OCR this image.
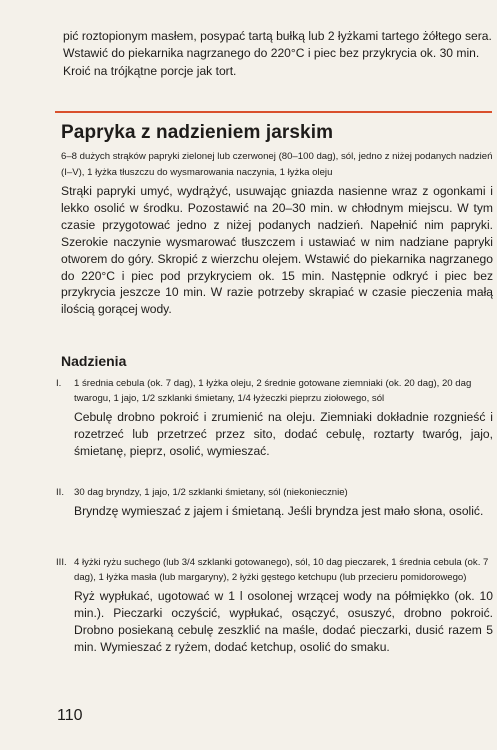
pić roztopionym masłem, posypać tartą bułką lub 2 łyżkami tartego żółtego sera. Wstawić do piekarnika nagrzanego do 220°C i piec bez przykrycia ok. 30 min. Kroić na trójkątne porcje jak tort.

Papryka z nadzieniem jarskim

6–8 dużych strąków papryki zielonej lub czerwonej (80–100 dag), sól, jedno z niżej podanych nadzień (I–V), 1 łyżka tłuszczu do wysmarowania naczynia, 1 łyżka oleju

Strąki papryki umyć, wydrążyć, usuwając gniazda nasienne wraz z ogonkami i lekko osolić w środku. Pozostawić na 20–30 min. w chłodnym miejscu. W tym czasie przygotować jedno z niżej podanych nadzień. Napełnić nim papryki. Szerokie naczynie wysmarować tłuszczem i ustawiać w nim nadziane papryki otworem do góry. Skropić z wierzchu olejem. Wstawić do piekarnika nagrzanego do 220°C i piec pod przykryciem ok. 15 min. Następnie odkryć i piec bez przykrycia jeszcze 10 min. W razie potrzeby skrapiać w czasie pieczenia małą ilością gorącej wody.

Nadzienia
I. 1 średnia cebula (ok. 7 dag), 1 łyżka oleju, 2 średnie gotowane ziemniaki (ok. 20 dag), 20 dag twarogu, 1 jajo, 1/2 szklanki śmietany, 1/4 łyżeczki pieprzu ziołowego, sól

Cebulę drobno pokroić i zrumienić na oleju. Ziemniaki dokładnie rozgnieść i rozetrzeć lub przetrzeć przez sito, dodać cebulę, roztarty twaróg, jajo, śmietanę, pieprz, osolić, wymieszać.

II. 30 dag bryndzy, 1 jajo, 1/2 szklanki śmietany, sól (niekoniecznie)

Bryndzę wymieszać z jajem i śmietaną. Jeśli bryndza jest mało słona, osolić.

III. 4 łyżki ryżu suchego (lub 3/4 szklanki gotowanego), sól, 10 dag pieczarek, 1 średnia cebula (ok. 7 dag), 1 łyżka masła (lub margaryny), 2 łyżki gęstego ketchupu (lub przecieru pomidorowego)

Ryż wypłukać, ugotować w 1 l osolonej wrzącej wody na półmiękko (ok. 10 min.). Pieczarki oczyścić, wypłukać, osączyć, osuszyć, drobno pokroić. Drobno posiekaną cebulę zeszklić na maśle, dodać pieczarki, dusić razem 5 min. Wymieszać z ryżem, dodać ketchup, osolić do smaku.

110
